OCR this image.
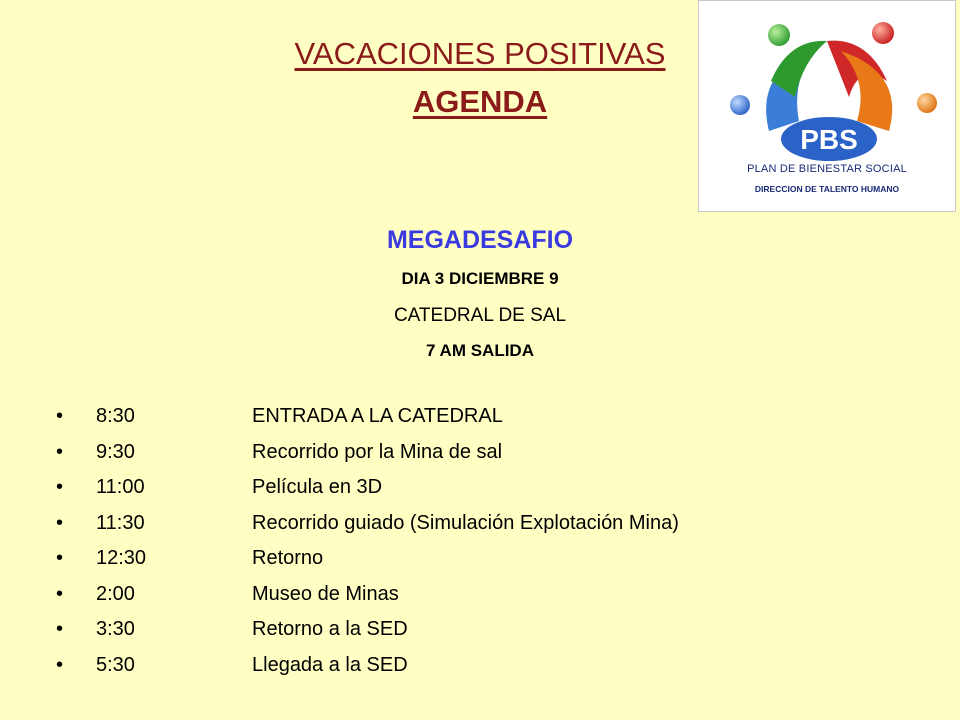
VACACIONES POSITIVAS
AGENDA
PBS
PLAN DE BIENESTAR SOCIAL
DIRECCION DE TALENTO HUMANO
MEGADESAFIO
DIA 3 DICIEMBRE 9
CATEDRAL DE SAL
7 AM SALIDA
•	8:30	ENTRADA A LA CATEDRAL
•	9:30	Recorrido por la Mina de sal
•	11:00	Película en 3D
•	11:30	Recorrido guiado (Simulación Explotación Mina)
•	12:30	Retorno
•	2:00	Museo de Minas
•	3:30	Retorno a la SED
•	5:30	Llegada a la SED
